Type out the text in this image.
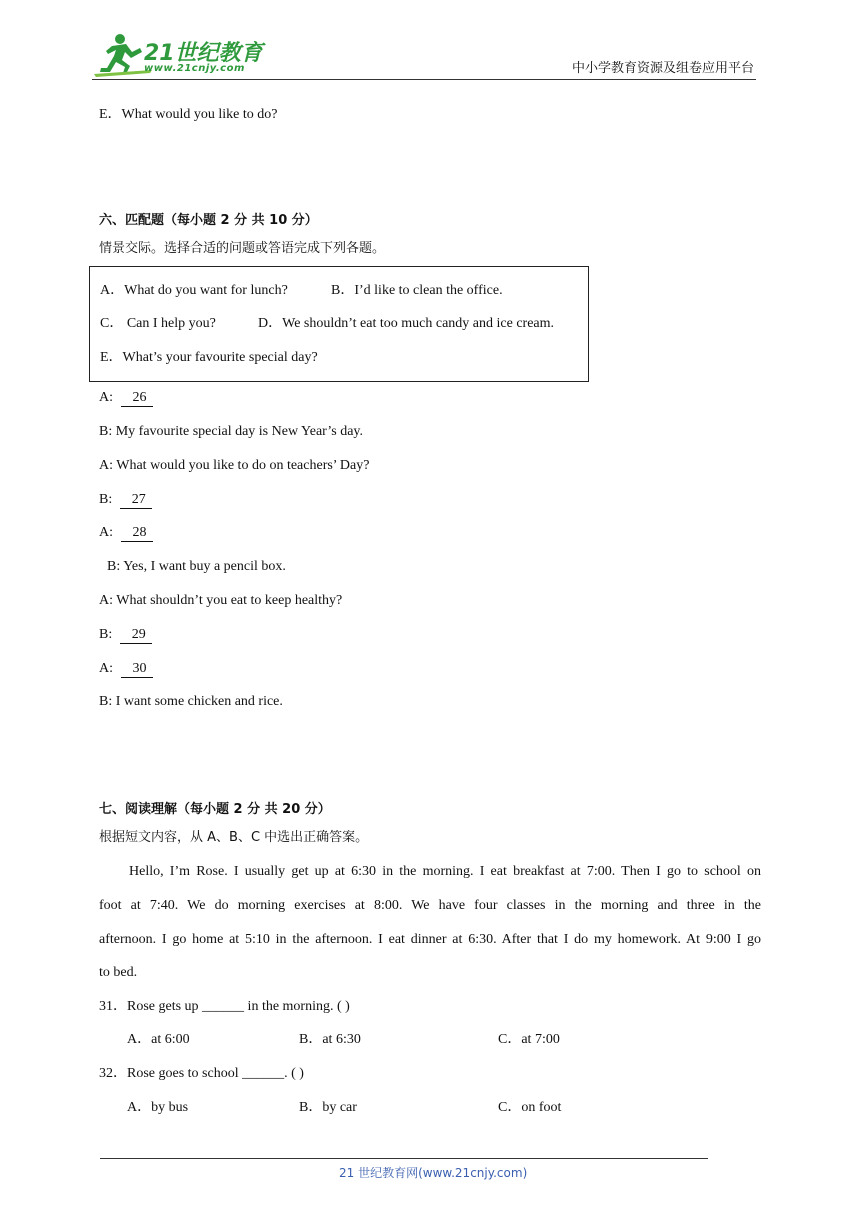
21世纪教育
www.21cnjy.com	中小学教育资源及组卷应用平台
E．What would you like to do?
六、匹配题（每小题 2 分 共 10 分）
情景交际。选择合适的问题或答语完成下列各题。
A．What do you want for lunch?	B．I’d like to clean the office.
C． Can I help you?	D．We shouldn’t eat too much candy and ice cream.
E．What’s your favourite special day?
A: 26
B: My favourite special day is New Year’s day.
A: What would you like to do on teachers’ Day?
B: 27
A: 28
B: Yes, I want buy a pencil box.
A: What shouldn’t you eat to keep healthy?
B: 29
A: 30
B: I want some chicken and rice.
七、阅读理解（每小题 2 分 共 20 分）
根据短文内容，从 A、B、C 中选出正确答案。
Hello, I’m Rose. I usually get up at 6:30 in the morning. I eat breakfast at 7:00. Then I go to school on
foot at 7:40. We do morning exercises at 8:00. We have four classes in the morning and three in the
afternoon. I go home at 5:10 in the afternoon. I eat dinner at 6:30. After that I do my homework. At 9:00 I go
to bed.
31．Rose gets up ______ in the morning. ( )
A．at 6:00	B．at 6:30	C．at 7:00
32．Rose goes to school ______. ( )
A．by bus	B．by car	C．on foot
21 世纪教育网(www.21cnjy.com)
